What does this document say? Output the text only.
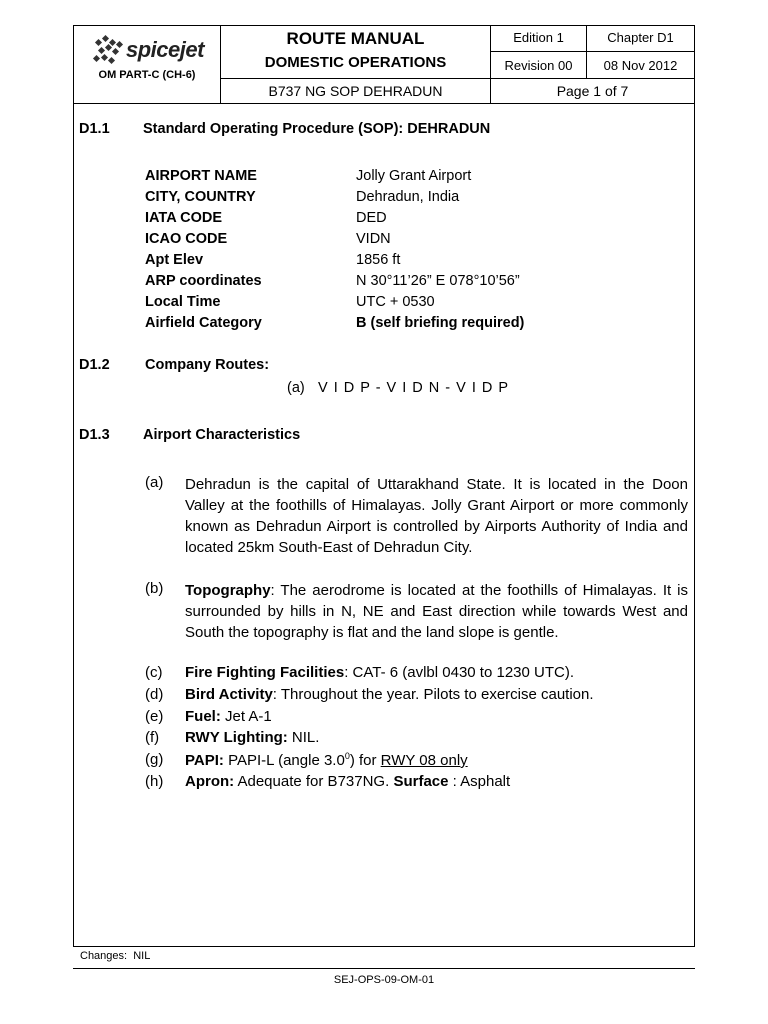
spicejet
OM PART-C (CH-6)
ROUTE MANUAL
DOMESTIC OPERATIONS
B737 NG SOP DEHRADUN
Edition 1	Chapter D1
Revision 00	08 Nov 2012
Page 1 of 7
D1.1 Standard Operating Procedure (SOP): DEHRADUN
AIRPORT NAME	Jolly Grant Airport
CITY, COUNTRY	Dehradun, India
IATA CODE	DED
ICAO CODE	VIDN
Apt Elev	1856 ft
ARP coordinates	N 30°11’26” E 078°10’56”
Local Time	UTC + 0530
Airfield Category	B (self briefing required)
D1.2 Company Routes:
(a) V I D P - V I D N - V I D P
D1.3 Airport Characteristics
(a) Dehradun is the capital of Uttarakhand State. It is located in the Doon Valley at the foothills of Himalayas. Jolly Grant Airport or more commonly known as Dehradun Airport is controlled by Airports Authority of India and located 25km South-East of Dehradun City.
(b) Topography: The aerodrome is located at the foothills of Himalayas. It is surrounded by hills in N, NE and East direction while towards West and South the topography is flat and the land slope is gentle.
(c) Fire Fighting Facilities: CAT- 6 (avlbl 0430 to 1230 UTC).
(d) Bird Activity: Throughout the year. Pilots to exercise caution.
(e) Fuel: Jet A-1
(f) RWY Lighting: NIL.
(g) PAPI: PAPI-L (angle $3.0^0$) for RWY 08 only
(h) Apron: Adequate for B737NG. Surface : Asphalt
Changes:  NIL
SEJ-OPS-09-OM-01
